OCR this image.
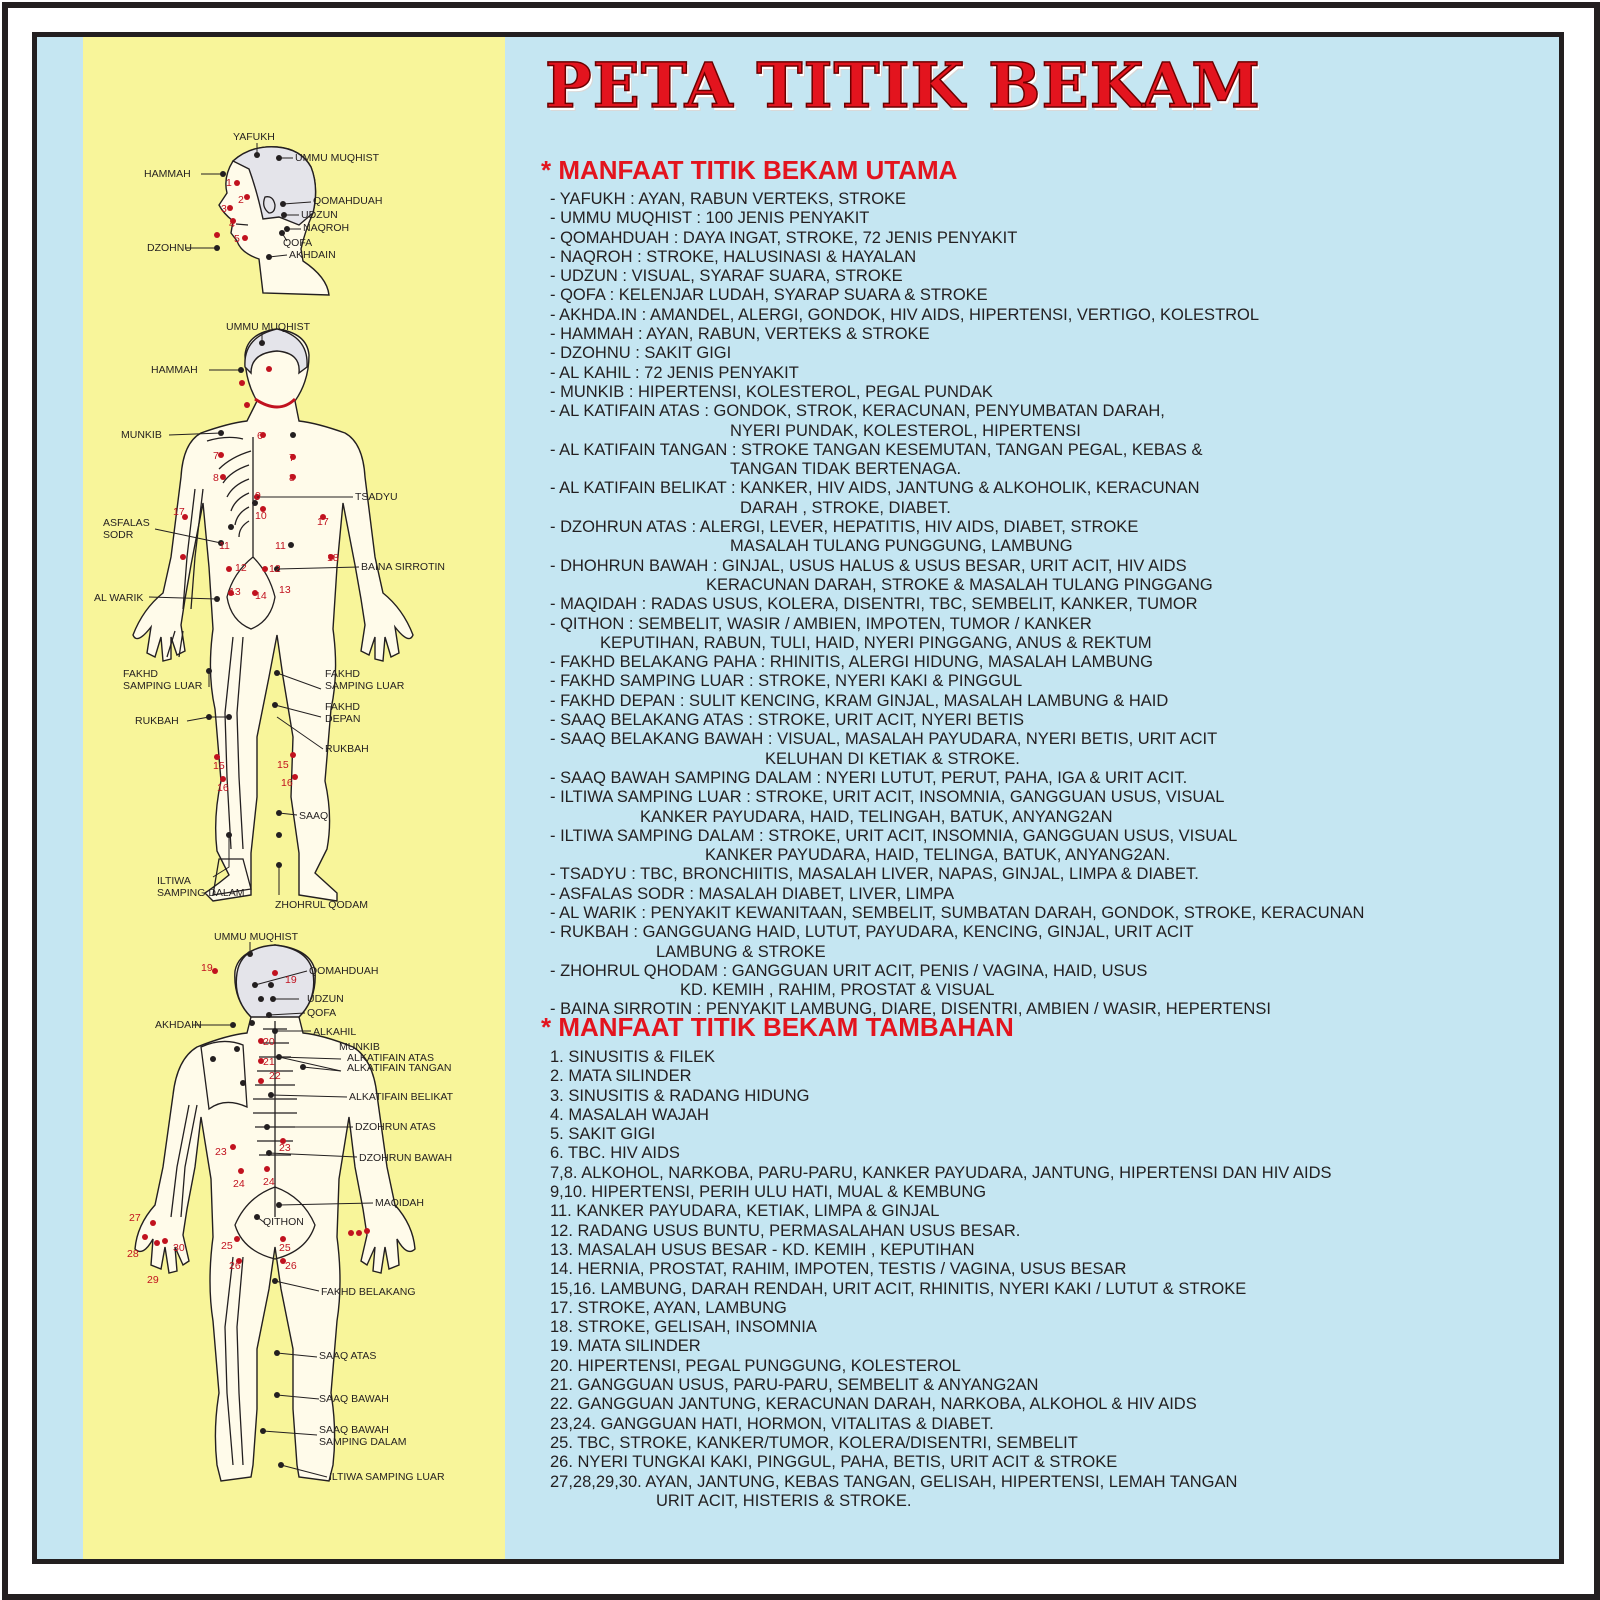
YAFUKH
UMMU MUQHIST
HAMMAH
QOMAHDUAH
UDZUN
NAQROH
QOFA
AKHDAIN
DZOHNU
1
2
3
4
5
UMMU MUQHIST
HAMMAH
MUNKIB
TSADYU
ASFALAS
SODR
BAINA SIRROTIN
AL WARIK
FAKHD
SAMPING LUAR
FAKHD
SAMPING LUAR
FAKHD
DEPAN
RUKBAH
RUKBAH
SAAQ
ILTIWA
SAMPING DALAM
ZHOHRUL QODAM
6
7	7
8	8
9
10
17
17
11	11
12 12
13	13
14
18
15	15
16	16
UMMU MUQHIST
QOMAHDUAH
UDZUN
QOFA
AKHDAIN
ALKAHIL
MUNKIB
ALKATIFAIN ATAS
ALKATIFAIN TANGAN
ALKATIFAIN BELIKAT
DZOHRUN ATAS
DZOHRUN BAWAH
MAQIDAH
QITHON
FAKHD BELAKANG
SAAQ ATAS
SAAQ BAWAH
SAAQ BAWAH
SAMPING DALAM
ILTIWA SAMPING LUAR
19
19
20
21
22
23	23
24 24
25	25
26	26
27
28
29
30
PETA TITIK BEKAM
* MANFAAT TITIK BEKAM UTAMA
- YAFUKH : AYAN, RABUN VERTEKS, STROKE
- UMMU MUQHIST : 100 JENIS PENYAKIT
- QOMAHDUAH : DAYA INGAT, STROKE, 72 JENIS PENYAKIT
- NAQROH : STROKE, HALUSINASI & HAYALAN
- UDZUN : VISUAL, SYARAF SUARA, STROKE
- QOFA : KELENJAR LUDAH, SYARAP SUARA & STROKE
- AKHDA.IN : AMANDEL, ALERGI, GONDOK, HIV AIDS, HIPERTENSI, VERTIGO, KOLESTROL
- HAMMAH : AYAN, RABUN, VERTEKS & STROKE
- DZOHNU : SAKIT GIGI
- AL KAHIL : 72 JENIS PENYAKIT
- MUNKIB : HIPERTENSI, KOLESTEROL, PEGAL PUNDAK
- AL KATIFAIN ATAS : GONDOK, STROK, KERACUNAN, PENYUMBATAN DARAH,
NYERI PUNDAK, KOLESTEROL, HIPERTENSI
- AL KATIFAIN TANGAN : STROKE TANGAN KESEMUTAN, TANGAN PEGAL, KEBAS &
TANGAN TIDAK BERTENAGA.
- AL KATIFAIN BELIKAT : KANKER, HIV AIDS, JANTUNG & ALKOHOLIK, KERACUNAN
DARAH , STROKE, DIABET.
- DZOHRUN ATAS : ALERGI, LEVER, HEPATITIS, HIV AIDS, DIABET, STROKE
MASALAH TULANG PUNGGUNG, LAMBUNG
- DHOHRUN BAWAH : GINJAL, USUS HALUS & USUS BESAR, URIT ACIT, HIV AIDS
KERACUNAN DARAH, STROKE & MASALAH TULANG PINGGANG
- MAQIDAH : RADAS USUS, KOLERA, DISENTRI, TBC, SEMBELIT, KANKER, TUMOR
- QITHON : SEMBELIT, WASIR / AMBIEN, IMPOTEN, TUMOR / KANKER
KEPUTIHAN, RABUN, TULI, HAID, NYERI PINGGANG, ANUS & REKTUM
- FAKHD BELAKANG PAHA : RHINITIS, ALERGI HIDUNG, MASALAH LAMBUNG
- FAKHD SAMPING LUAR : STROKE, NYERI KAKI & PINGGUL
- FAKHD DEPAN : SULIT KENCING, KRAM GINJAL, MASALAH LAMBUNG & HAID
- SAAQ BELAKANG ATAS : STROKE, URIT ACIT, NYERI BETIS
- SAAQ BELAKANG BAWAH : VISUAL, MASALAH PAYUDARA, NYERI BETIS, URIT ACIT
KELUHAN DI KETIAK & STROKE.
- SAAQ BAWAH SAMPING DALAM : NYERI LUTUT, PERUT, PAHA, IGA & URIT ACIT.
- ILTIWA SAMPING LUAR : STROKE, URIT ACIT, INSOMNIA, GANGGUAN USUS, VISUAL
KANKER PAYUDARA, HAID, TELINGAH, BATUK, ANYANG2AN
- ILTIWA SAMPING DALAM : STROKE, URIT ACIT, INSOMNIA, GANGGUAN USUS, VISUAL
KANKER PAYUDARA, HAID, TELINGA, BATUK, ANYANG2AN.
- TSADYU : TBC, BRONCHIITIS, MASALAH LIVER, NAPAS, GINJAL, LIMPA & DIABET.
- ASFALAS SODR : MASALAH DIABET, LIVER, LIMPA
- AL WARIK : PENYAKIT KEWANITAAN, SEMBELIT, SUMBATAN DARAH, GONDOK, STROKE, KERACUNAN
- RUKBAH : GANGGUANG HAID, LUTUT, PAYUDARA, KENCING, GINJAL, URIT ACIT
LAMBUNG & STROKE
- ZHOHRUL QHODAM : GANGGUAN URIT ACIT, PENIS / VAGINA, HAID, USUS
KD. KEMIH , RAHIM, PROSTAT & VISUAL
- BAINA SIRROTIN : PENYAKIT LAMBUNG, DIARE, DISENTRI, AMBIEN / WASIR, HEPERTENSI
* MANFAAT TITIK BEKAM TAMBAHAN
1. SINUSITIS & FILEK
2. MATA SILINDER
3. SINUSITIS & RADANG HIDUNG
4. MASALAH WAJAH
5. SAKIT GIGI
6. TBC. HIV AIDS
7,8. ALKOHOL, NARKOBA, PARU-PARU, KANKER PAYUDARA, JANTUNG, HIPERTENSI DAN HIV AIDS
9,10. HIPERTENSI, PERIH ULU HATI, MUAL & KEMBUNG
11. KANKER PAYUDARA, KETIAK, LIMPA & GINJAL
12. RADANG USUS BUNTU, PERMASALAHAN USUS BESAR.
13. MASALAH USUS BESAR - KD. KEMIH , KEPUTIHAN
14. HERNIA, PROSTAT, RAHIM, IMPOTEN, TESTIS / VAGINA, USUS BESAR
15,16. LAMBUNG, DARAH RENDAH, URIT ACIT, RHINITIS, NYERI KAKI / LUTUT & STROKE
17. STROKE, AYAN, LAMBUNG
18. STROKE, GELISAH, INSOMNIA
19. MATA SILINDER
20. HIPERTENSI, PEGAL PUNGGUNG, KOLESTEROL
21. GANGGUAN USUS, PARU-PARU, SEMBELIT & ANYANG2AN
22. GANGGUAN JANTUNG, KERACUNAN DARAH, NARKOBA, ALKOHOL & HIV AIDS
23,24. GANGGUAN HATI, HORMON, VITALITAS & DIABET.
25. TBC, STROKE, KANKER/TUMOR, KOLERA/DISENTRI, SEMBELIT
26. NYERI TUNGKAI KAKI, PINGGUL, PAHA, BETIS, URIT ACIT & STROKE
27,28,29,30. AYAN, JANTUNG, KEBAS TANGAN, GELISAH, HIPERTENSI, LEMAH TANGAN
URIT ACIT, HISTERIS & STROKE.
